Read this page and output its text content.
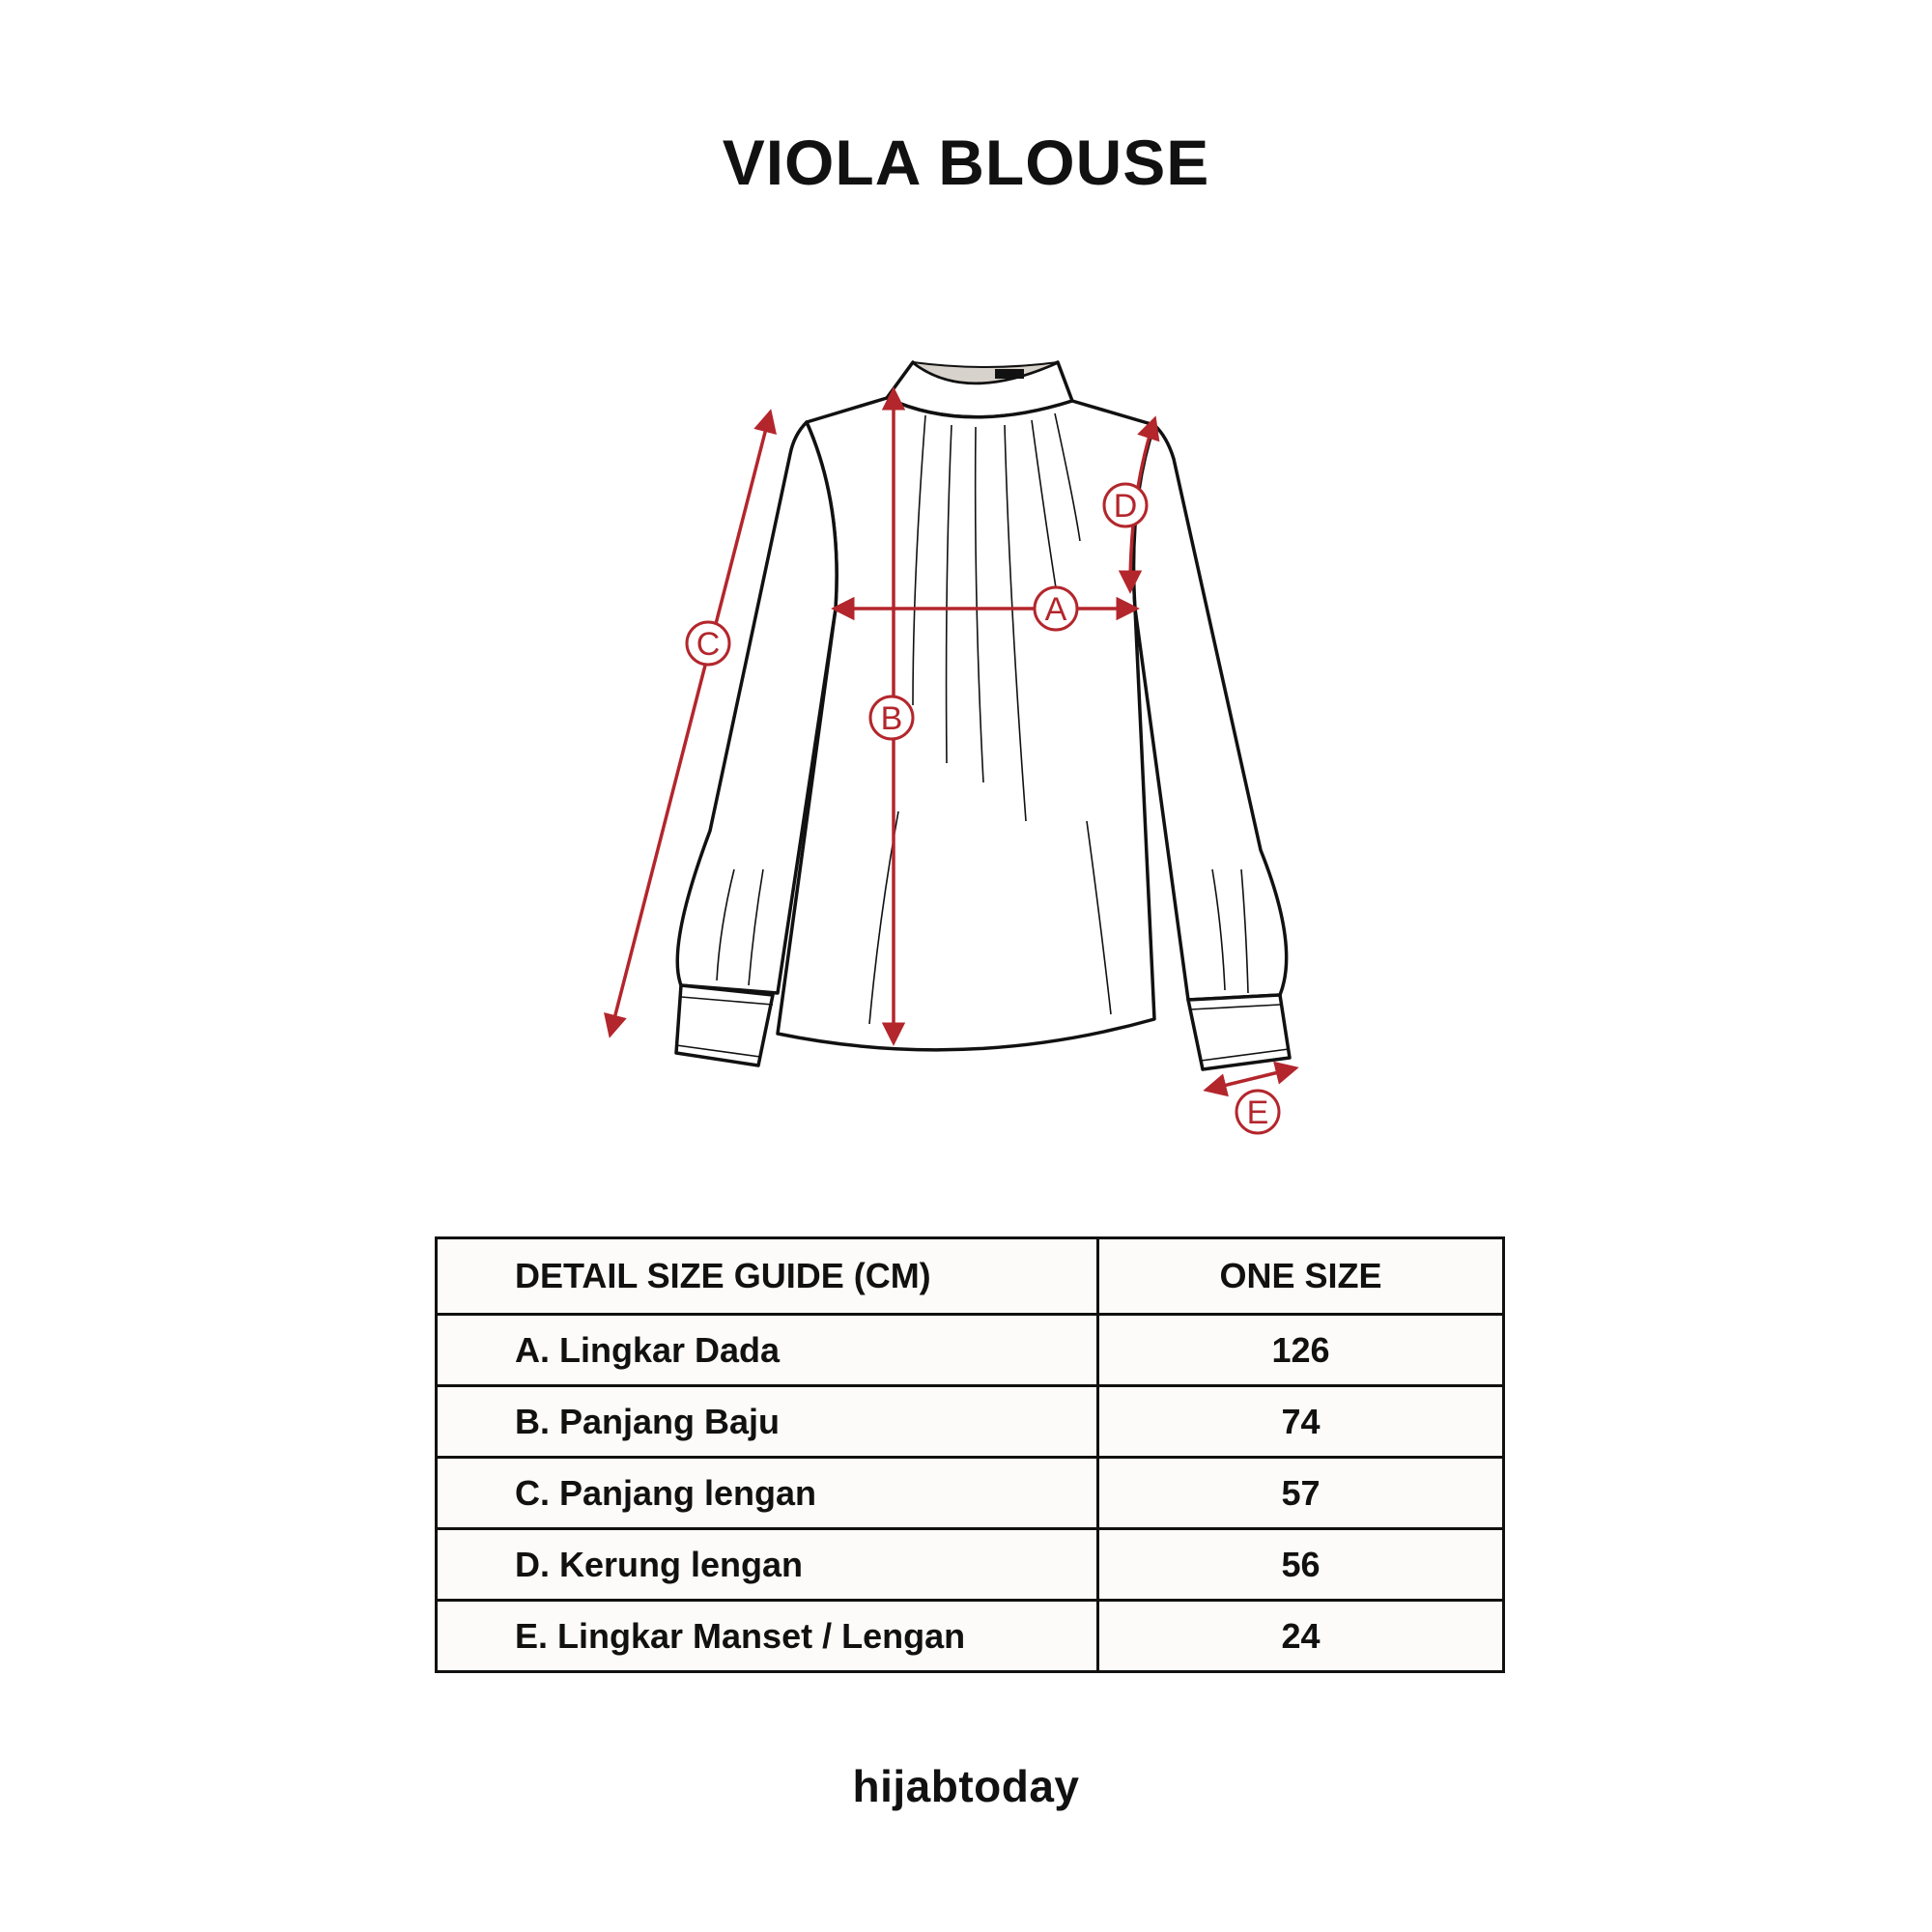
VIOLA BLOUSE
A
B
C
D
E
DETAIL SIZE GUIDE (CM)	ONE SIZE
A. Lingkar Dada	126
B. Panjang Baju	74
C. Panjang lengan	57
D. Kerung lengan	56
E. Lingkar Manset / Lengan	24
hijabtoday
